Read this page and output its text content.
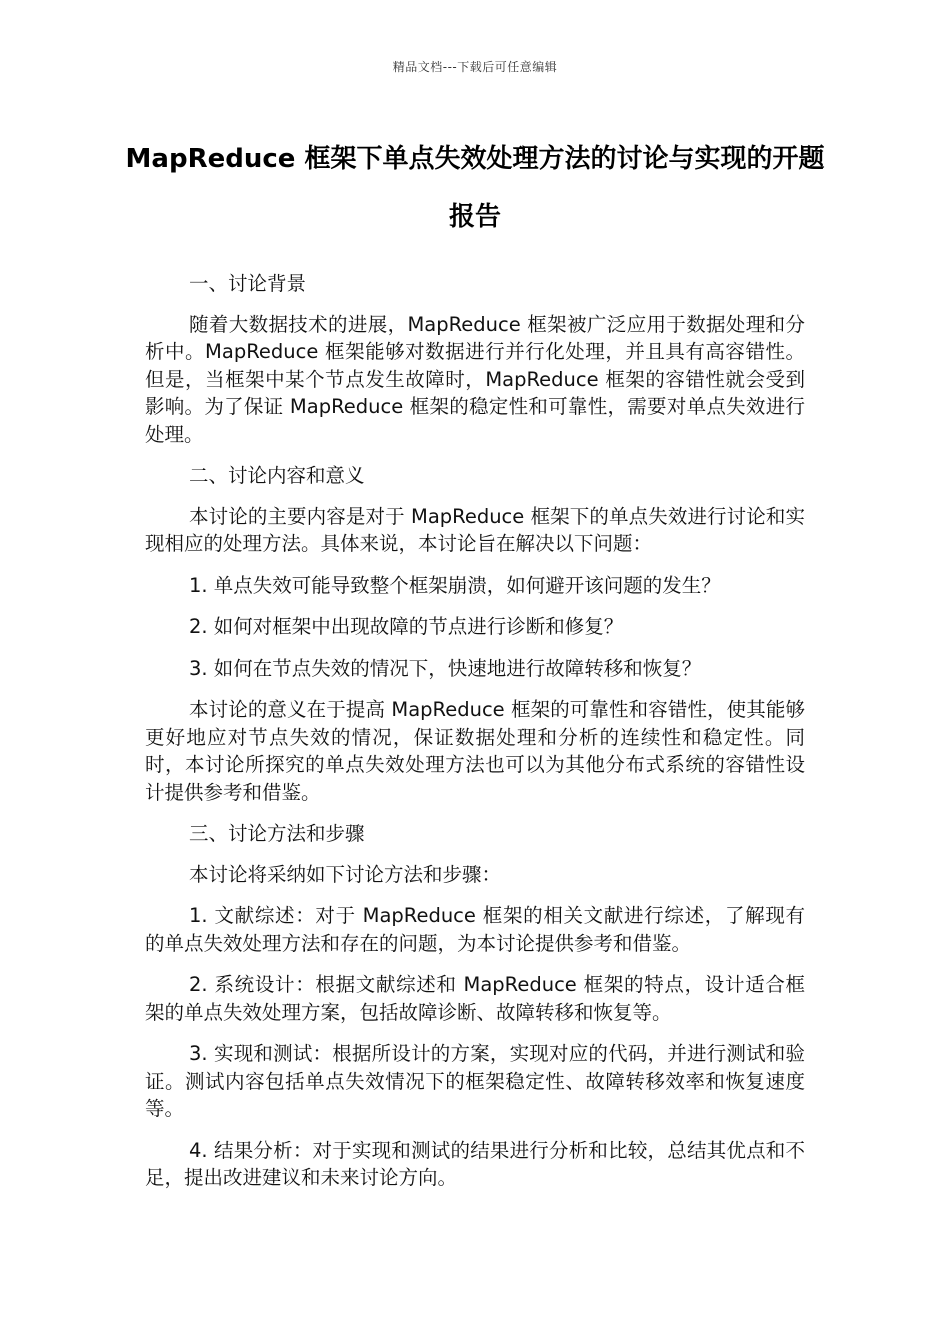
精品文档---下载后可任意编辑
MapReduce 框架下单点失效处理方法的讨论与实现的开题报告

一、讨论背景

随着大数据技术的进展，MapReduce 框架被广泛应用于数据处理和分析中。MapReduce 框架能够对数据进行并行化处理，并且具有高容错性。但是，当框架中某个节点发生故障时，MapReduce 框架的容错性就会受到影响。为了保证 MapReduce 框架的稳定性和可靠性，需要对单点失效进行处理。

二、讨论内容和意义

本讨论的主要内容是对于 MapReduce 框架下的单点失效进行讨论和实现相应的处理方法。具体来说，本讨论旨在解决以下问题：

1. 单点失效可能导致整个框架崩溃，如何避开该问题的发生？

2. 如何对框架中出现故障的节点进行诊断和修复？

3. 如何在节点失效的情况下，快速地进行故障转移和恢复？

本讨论的意义在于提高 MapReduce 框架的可靠性和容错性，使其能够更好地应对节点失效的情况，保证数据处理和分析的连续性和稳定性。同时，本讨论所探究的单点失效处理方法也可以为其他分布式系统的容错性设计提供参考和借鉴。

三、讨论方法和步骤

本讨论将采纳如下讨论方法和步骤：

1. 文献综述：对于 MapReduce 框架的相关文献进行综述，了解现有的单点失效处理方法和存在的问题，为本讨论提供参考和借鉴。

2. 系统设计：根据文献综述和 MapReduce 框架的特点，设计适合框架的单点失效处理方案，包括故障诊断、故障转移和恢复等。

3. 实现和测试：根据所设计的方案，实现对应的代码，并进行测试和验证。测试内容包括单点失效情况下的框架稳定性、故障转移效率和恢复速度等。

4. 结果分析：对于实现和测试的结果进行分析和比较，总结其优点和不足，提出改进建议和未来讨论方向。
